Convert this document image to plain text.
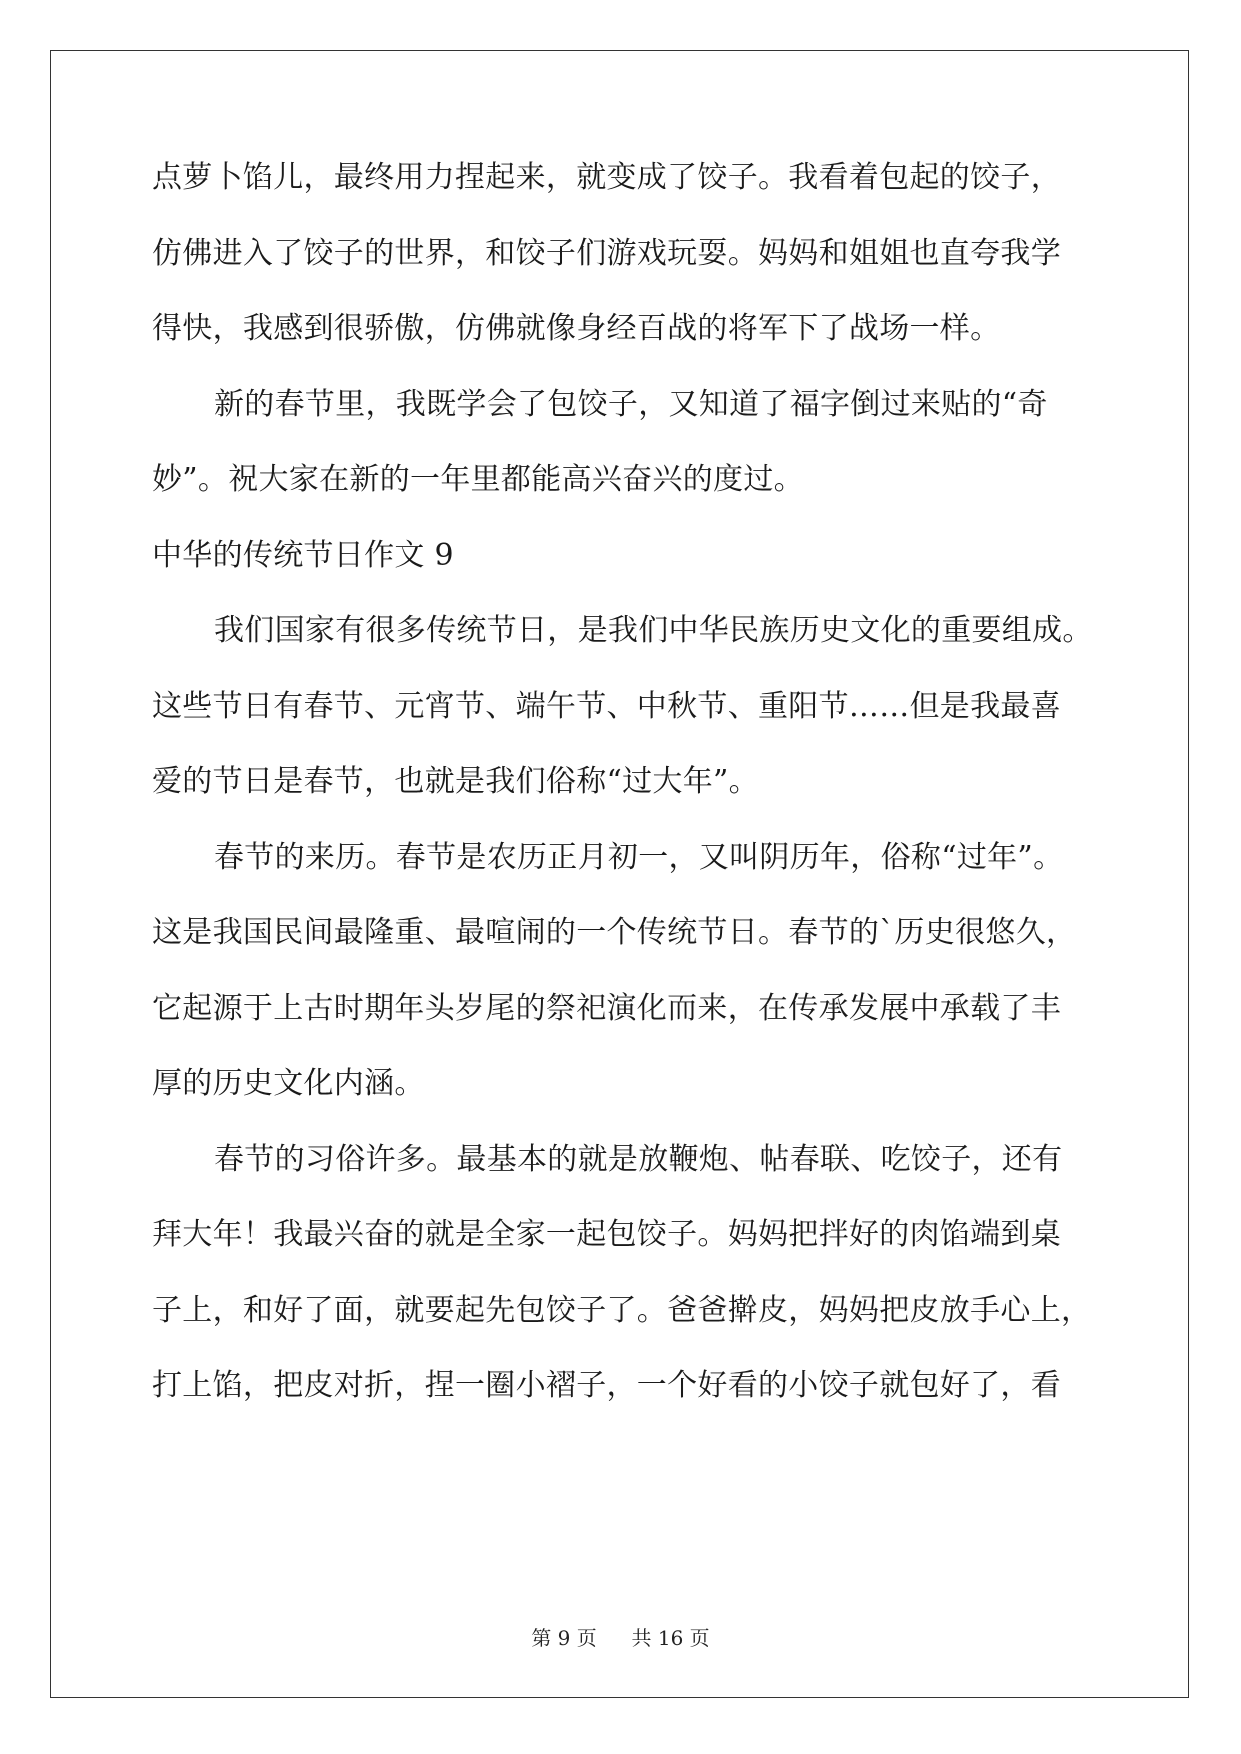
点萝卜馅儿，最终用力捏起来，就变成了饺子。我看着包起的饺子，
仿佛进入了饺子的世界，和饺子们游戏玩耍。妈妈和姐姐也直夸我学
得快，我感到很骄傲，仿佛就像身经百战的将军下了战场一样。
新的春节里，我既学会了包饺子，又知道了福字倒过来贴的“奇
妙”。祝大家在新的一年里都能高兴奋兴的度过。
中华的传统节日作文 9
我们国家有很多传统节日，是我们中华民族历史文化的重要组成。
这些节日有春节、元宵节、端午节、中秋节、重阳节……但是我最喜
爱的节日是春节，也就是我们俗称“过大年”。
春节的来历。春节是农历正月初一，又叫阴历年，俗称“过年”。
这是我国民间最隆重、最喧闹的一个传统节日。春节的`历史很悠久，
它起源于上古时期年头岁尾的祭祀演化而来，在传承发展中承载了丰
厚的历史文化内涵。
春节的习俗许多。最基本的就是放鞭炮、帖春联、吃饺子，还有
拜大年！我最兴奋的就是全家一起包饺子。妈妈把拌好的肉馅端到桌
子上，和好了面，就要起先包饺子了。爸爸擀皮，妈妈把皮放手心上，
打上馅，把皮对折，捏一圈小褶子，一个好看的小饺子就包好了，看
第 9 页 共 16 页
